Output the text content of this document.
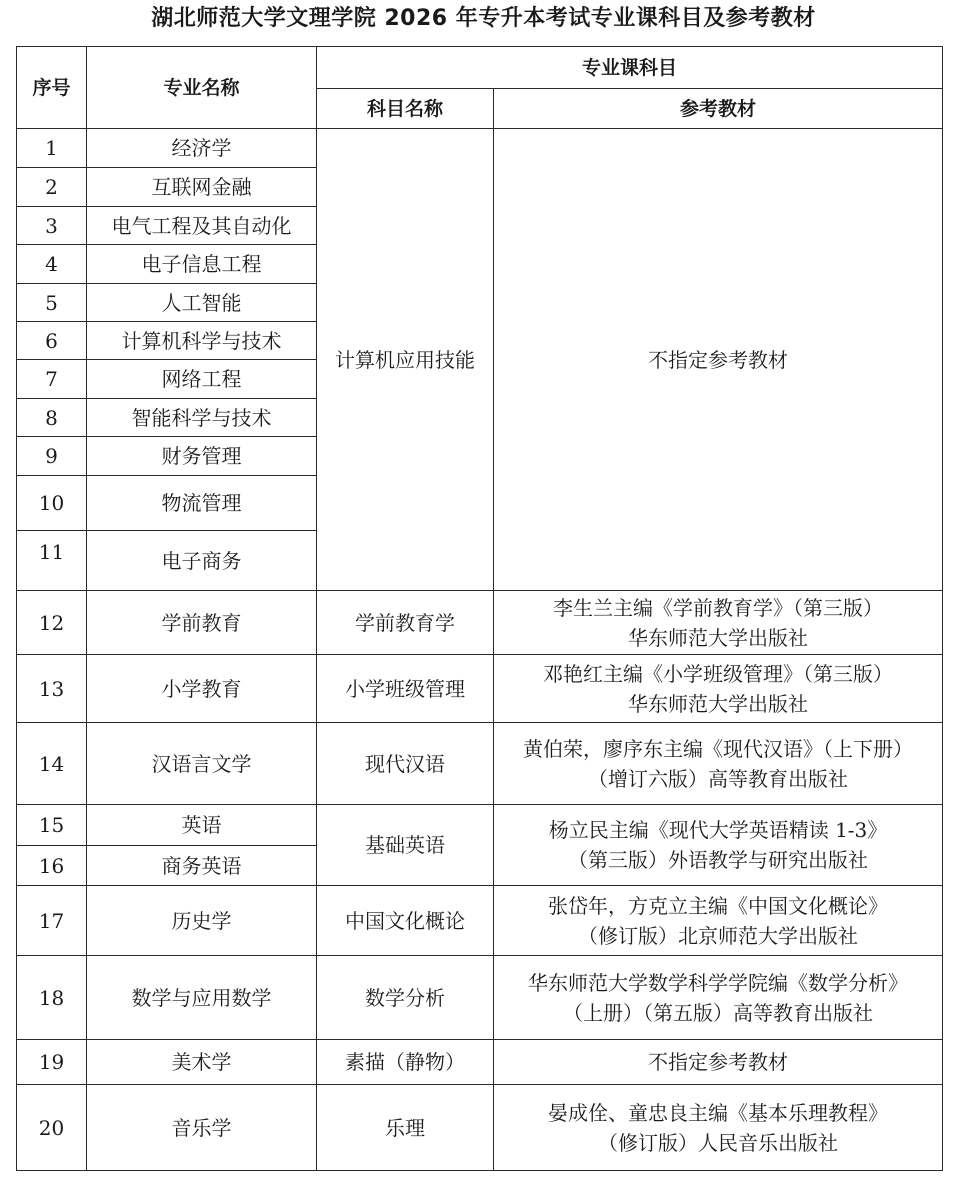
湖北师范大学文理学院 2026 年专升本考试专业课科目及参考教材
序号	专业名称	专业课科目	
		科目名称	参考教材
1	经济学	计算机应用技能	不指定参考教材
2	互联网金融		
3	电气工程及其自动化		
4	电子信息工程		
5	人工智能		
6	计算机科学与技术		
7	网络工程		
8	智能科学与技术		
9	财务管理		
10	物流管理		
11	电子商务		
12	学前教育	学前教育学	李生兰主编《学前教育学》（第三版）
华东师范大学出版社

13	小学教育	小学班级管理	邓艳红主编《小学班级管理》（第三版）
华东师范大学出版社

14	汉语言文学	现代汉语	黄伯荣，廖序东主编《现代汉语》（上下册）
（增订六版）高等教育出版社

15	英语	基础英语	杨立民主编《现代大学英语精读 1-3》
（第三版）外语教学与研究出版社

16	商务英语		
17	历史学	中国文化概论	张岱年，方克立主编《中国文化概论》
（修订版）北京师范大学出版社

18	数学与应用数学	数学分析	华东师范大学数学科学学院编《数学分析》
（上册）（第五版）高等教育出版社

19	美术学	素描（静物）	不指定参考教材
20	音乐学	乐理	晏成佺、童忠良主编《基本乐理教程》
（修订版）人民音乐出版社
